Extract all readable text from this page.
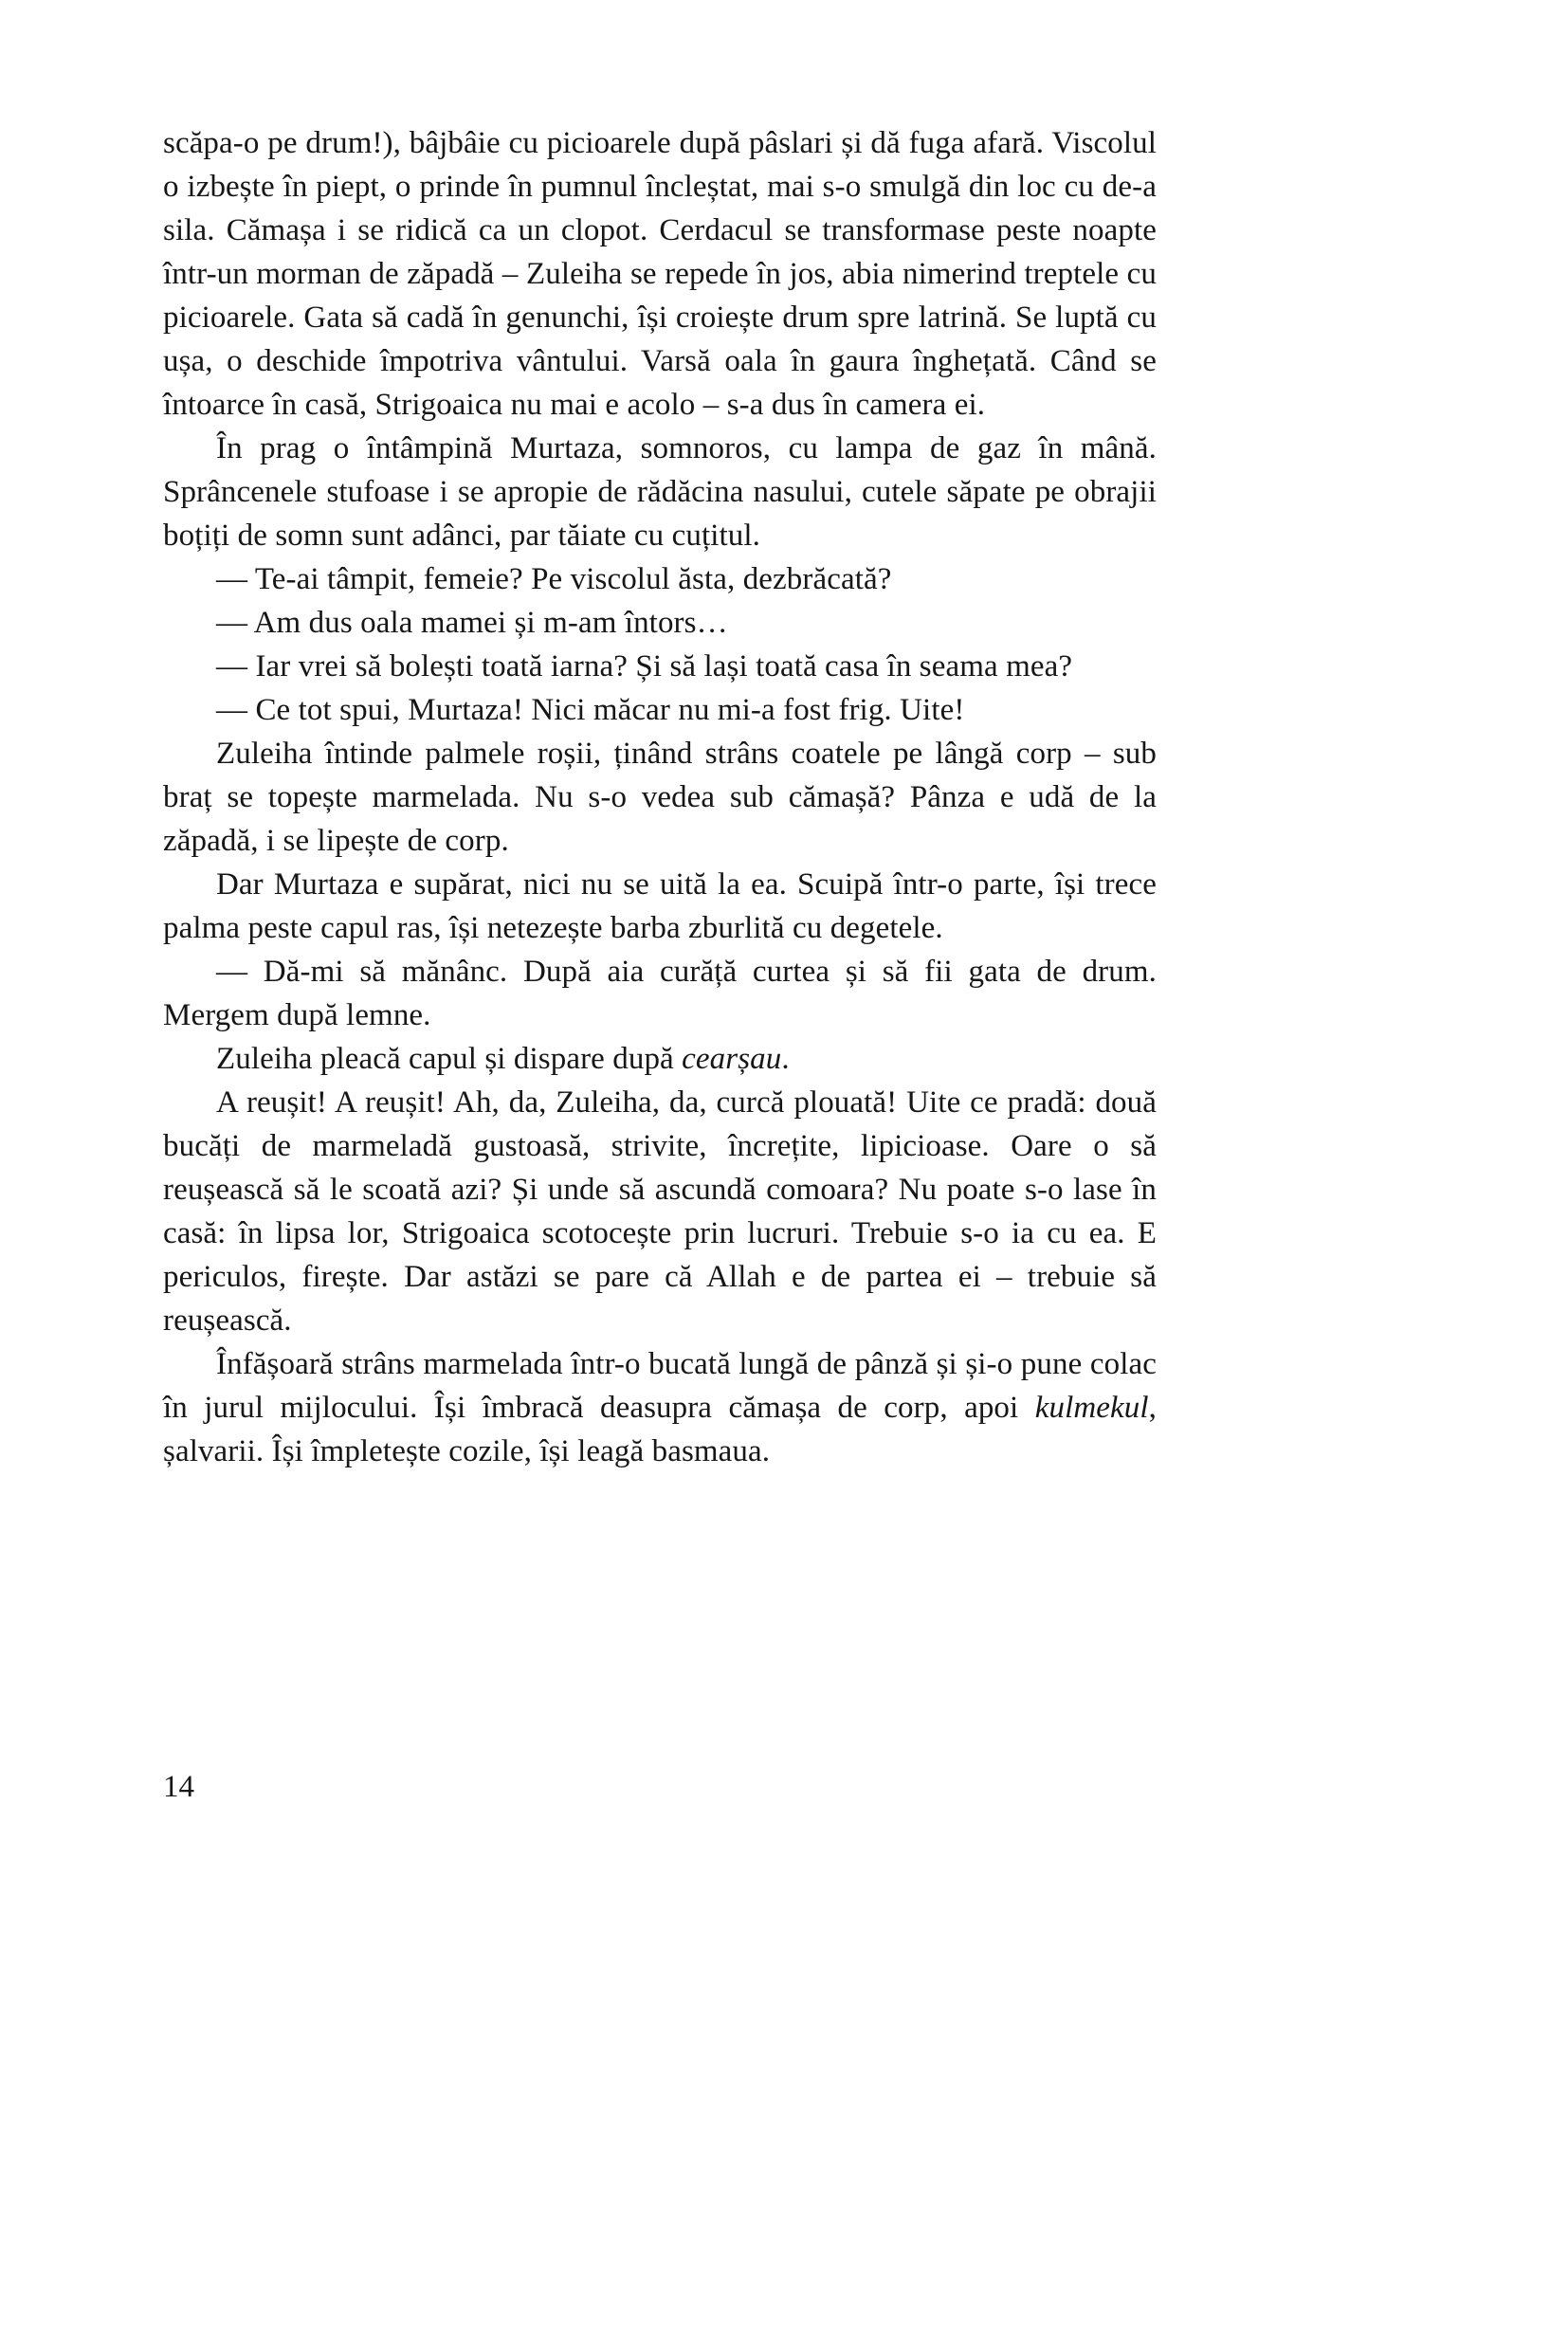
scăpa-o pe drum!), bâjbâie cu picioarele după pâslari și dă fuga afară. Viscolul o izbește în piept, o prinde în pumnul încleștat, mai s-o smulgă din loc cu de-a sila. Cămașa i se ridică ca un clopot. Cerdacul se transformase peste noapte într-un morman de zăpadă – Zuleiha se repede în jos, abia nimerind treptele cu picioarele. Gata să cadă în genunchi, își croiește drum spre latrină. Se luptă cu ușa, o deschide împotriva vântului. Varsă oala în gaura înghețată. Când se întoarce în casă, Strigoaica nu mai e acolo – s-a dus în camera ei.

În prag o întâmpină Murtaza, somnoros, cu lampa de gaz în mână. Sprâncenele stufoase i se apropie de rădăcina nasului, cutele săpate pe obrajii boțiți de somn sunt adânci, par tăiate cu cuțitul.

— Te-ai tâmpit, femeie? Pe viscolul ăsta, dezbrăcată?

— Am dus oala mamei și m-am întors…

— Iar vrei să bolești toată iarna? Și să lași toată casa în seama mea?

— Ce tot spui, Murtaza! Nici măcar nu mi-a fost frig. Uite!

Zuleiha întinde palmele roșii, ținând strâns coatele pe lângă corp – sub braț se topește marmelada. Nu s-o vedea sub cămașă? Pânza e udă de la zăpadă, i se lipește de corp.

Dar Murtaza e supărat, nici nu se uită la ea. Scuipă într-o parte, își trece palma peste capul ras, își netezește barba zburlită cu degetele.

— Dă-mi să mănânc. După aia curăță curtea și să fii gata de drum. Mergem după lemne.

Zuleiha pleacă capul și dispare după cearșau.

A reușit! A reușit! Ah, da, Zuleiha, da, curcă plouată! Uite ce pradă: două bucăți de marmeladă gustoasă, strivite, încrețite, lipicioase. Oare o să reușească să le scoată azi? Și unde să ascundă comoara? Nu poate s-o lase în casă: în lipsa lor, Strigoaica scotocește prin lucruri. Trebuie s-o ia cu ea. E periculos, firește. Dar astăzi se pare că Allah e de partea ei – trebuie să reușească.

Înfășoară strâns marmelada într-o bucată lungă de pânză și și-o pune colac în jurul mijlocului. Își îmbracă deasupra cămașa de corp, apoi kulmekul, șalvarii. Își împletește cozile, își leagă basmaua.

14
